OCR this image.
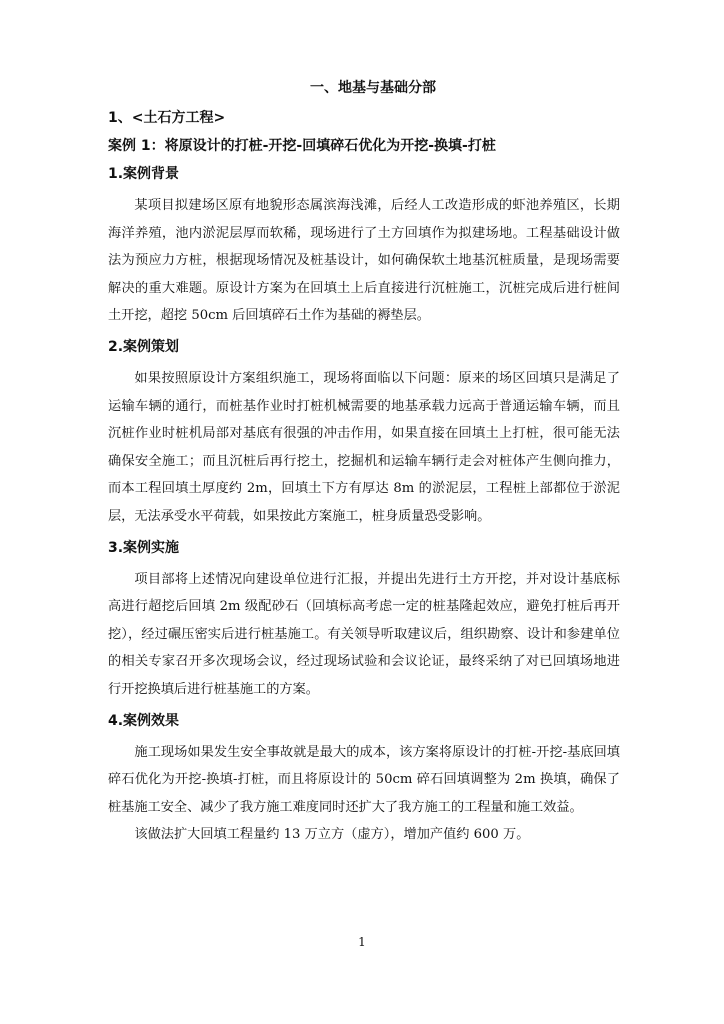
一、地基与基础分部
1、<土石方工程>
案例 1：将原设计的打桩-开挖-回填碎石优化为开挖-换填-打桩
1.案例背景

某项目拟建场区原有地貌形态属滨海浅滩，后经人工改造形成的虾池养殖区，长期海洋养殖，池内淤泥层厚而软稀，现场进行了土方回填作为拟建场地。工程基础设计做法为预应力方桩，根据现场情况及桩基设计，如何确保软土地基沉桩质量，是现场需要解决的重大难题。原设计方案为在回填土上后直接进行沉桩施工，沉桩完成后进行桩间土开挖，超挖 50cm 后回填碎石土作为基础的褥垫层。

2.案例策划

如果按照原设计方案组织施工，现场将面临以下问题：原来的场区回填只是满足了运输车辆的通行，而桩基作业时打桩机械需要的地基承载力远高于普通运输车辆，而且沉桩作业时桩机局部对基底有很强的冲击作用，如果直接在回填土上打桩，很可能无法确保安全施工；而且沉桩后再行挖土，挖掘机和运输车辆行走会对桩体产生侧向推力，而本工程回填土厚度约 2m，回填土下方有厚达 8m 的淤泥层，工程桩上部都位于淤泥层，无法承受水平荷载，如果按此方案施工，桩身质量恐受影响。

3.案例实施

项目部将上述情况向建设单位进行汇报，并提出先进行土方开挖，并对设计基底标高进行超挖后回填 2m 级配砂石（回填标高考虑一定的桩基隆起效应，避免打桩后再开挖），经过碾压密实后进行桩基施工。有关领导听取建议后，组织勘察、设计和参建单位的相关专家召开多次现场会议，经过现场试验和会议论证，最终采纳了对已回填场地进行开挖换填后进行桩基施工的方案。

4.案例效果

施工现场如果发生安全事故就是最大的成本，该方案将原设计的打桩-开挖-基底回填碎石优化为开挖-换填-打桩，而且将原设计的 50cm 碎石回填调整为 2m 换填，确保了桩基施工安全、减少了我方施工难度同时还扩大了我方施工的工程量和施工效益。

该做法扩大回填工程量约 13 万立方（虚方），增加产值约 600 万。

1
